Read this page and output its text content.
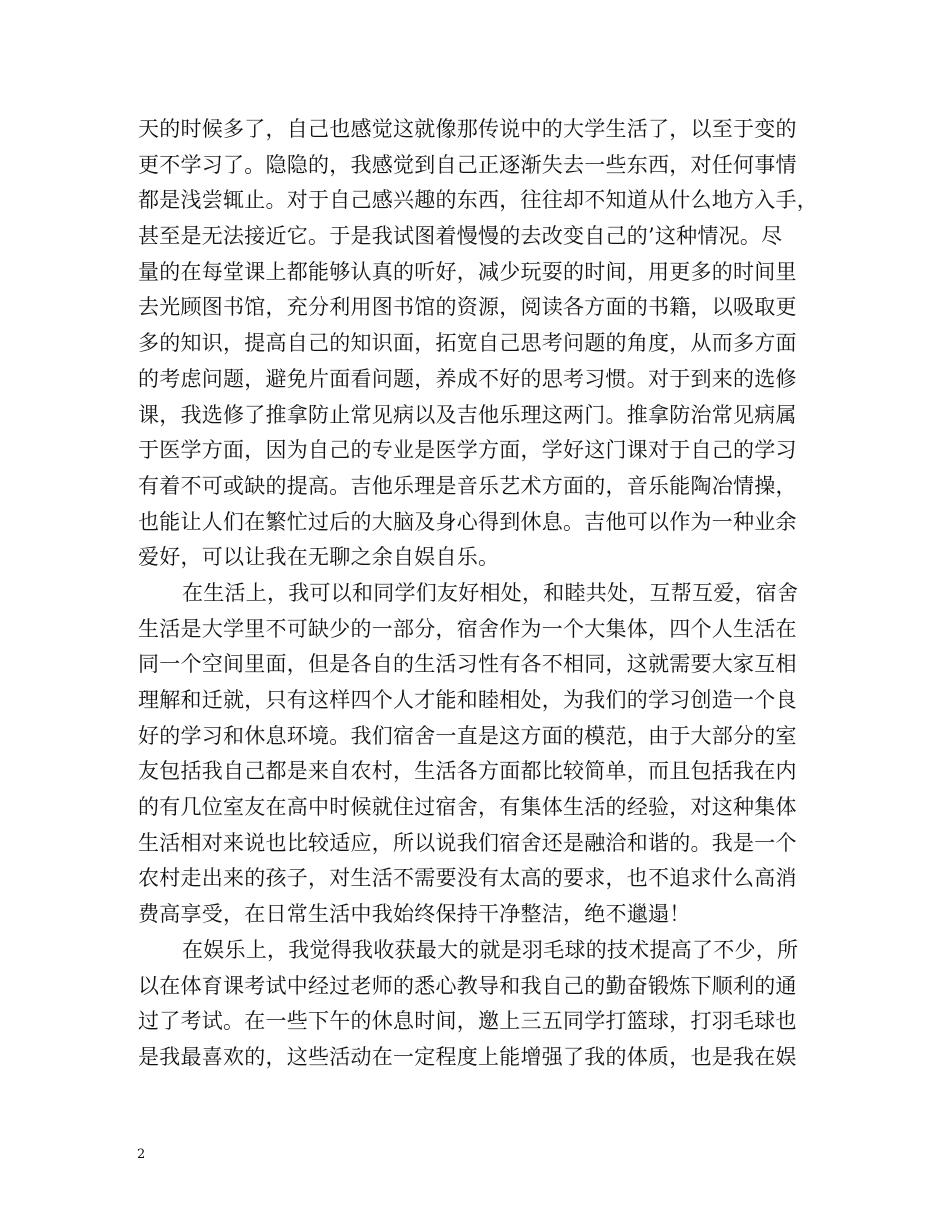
天的时候多了，自己也感觉这就像那传说中的大学生活了，以至于变的
更不学习了。隐隐的，我感觉到自己正逐渐失去一些东西，对任何事情
都是浅尝辄止。对于自己感兴趣的东西，往往却不知道从什么地方入手，
甚至是无法接近它。于是我试图着慢慢的去改变自己的’这种情况。尽
量的在每堂课上都能够认真的听好，减少玩耍的时间，用更多的时间里
去光顾图书馆，充分利用图书馆的资源，阅读各方面的书籍，以吸取更
多的知识，提高自己的知识面，拓宽自己思考问题的角度，从而多方面
的考虑问题，避免片面看问题，养成不好的思考习惯。对于到来的选修
课，我选修了推拿防止常见病以及吉他乐理这两门。推拿防治常见病属
于医学方面，因为自己的专业是医学方面，学好这门课对于自己的学习
有着不可或缺的提高。吉他乐理是音乐艺术方面的，音乐能陶冶情操，
也能让人们在繁忙过后的大脑及身心得到休息。吉他可以作为一种业余
爱好，可以让我在无聊之余自娱自乐。
在生活上，我可以和同学们友好相处，和睦共处，互帮互爱，宿舍
生活是大学里不可缺少的一部分，宿舍作为一个大集体，四个人生活在
同一个空间里面，但是各自的生活习性有各不相同，这就需要大家互相
理解和迁就，只有这样四个人才能和睦相处，为我们的学习创造一个良
好的学习和休息环境。我们宿舍一直是这方面的模范，由于大部分的室
友包括我自己都是来自农村，生活各方面都比较简单，而且包括我在内
的有几位室友在高中时候就住过宿舍，有集体生活的经验，对这种集体
生活相对来说也比较适应，所以说我们宿舍还是融洽和谐的。我是一个
农村走出来的孩子，对生活不需要没有太高的要求，也不追求什么高消
费高享受，在日常生活中我始终保持干净整洁，绝不邋遢！
在娱乐上，我觉得我收获最大的就是羽毛球的技术提高了不少，所
以在体育课考试中经过老师的悉心教导和我自己的勤奋锻炼下顺利的通
过了考试。在一些下午的休息时间，邀上三五同学打篮球，打羽毛球也
是我最喜欢的，这些活动在一定程度上能增强了我的体质，也是我在娱
2
